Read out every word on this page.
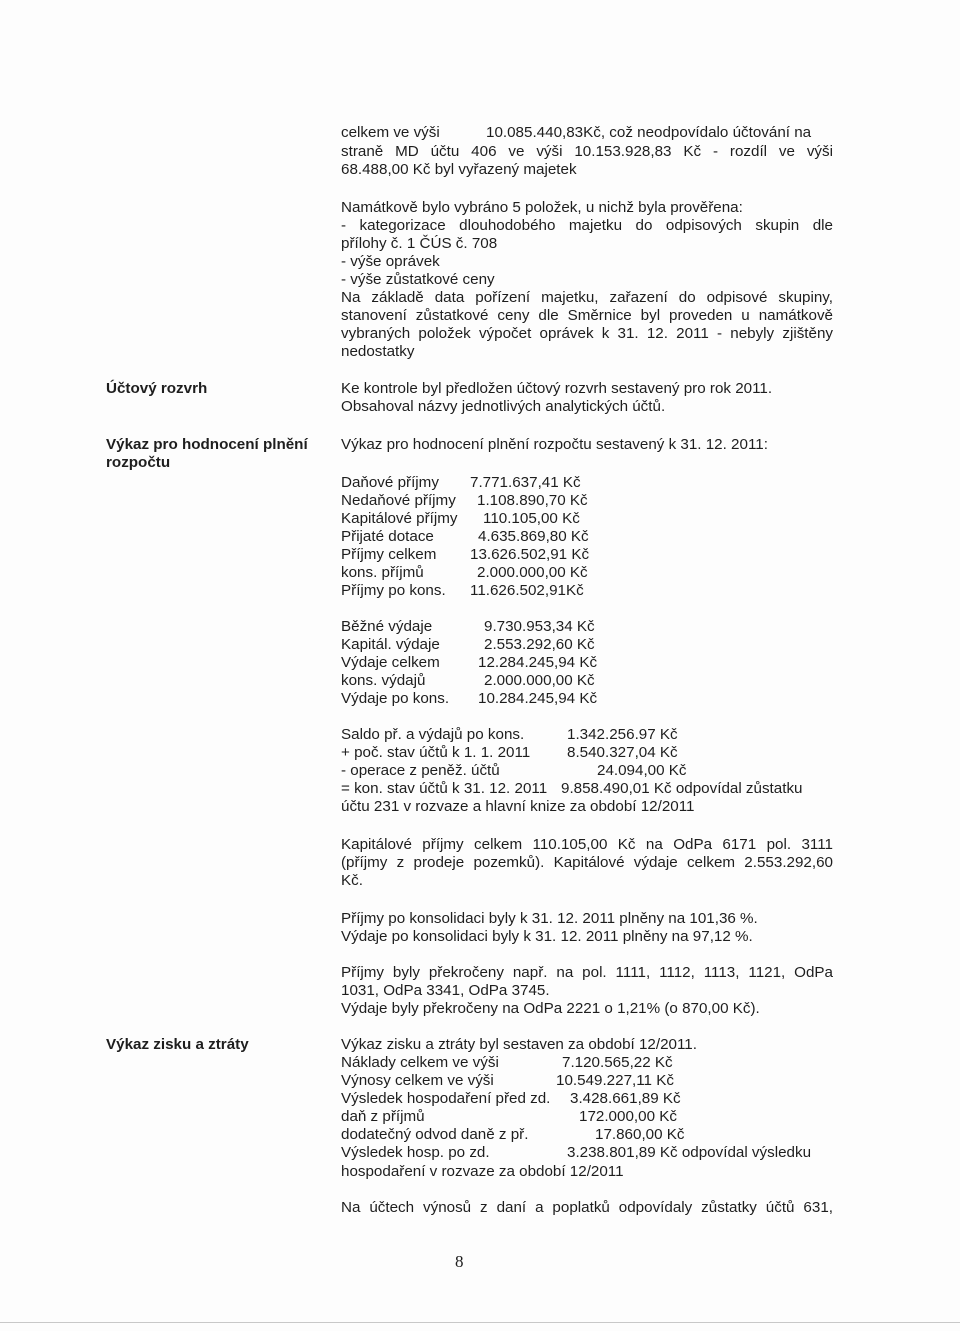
celkem ve výši	10.085.440,83Kč, což neodpovídalo účtování na
straně MD účtu 406 ve výši 10.153.928,83 Kč - rozdíl ve výši
68.488,00 Kč byl vyřazený majetek
Namátkově bylo vybráno 5 položek, u nichž byla prověřena:
- kategorizace dlouhodobého majetku do odpisových skupin dle
přílohy č. 1 ČÚS č. 708
- výše oprávek
- výše zůstatkové ceny
Na základě data pořízení majetku, zařazení do odpisové skupiny,
stanovení zůstatkové ceny dle Směrnice byl proveden u namátkově
vybraných položek výpočet oprávek k 31. 12. 2011 - nebyly zjištěny
nedostatky
Účtový rozvrh	Ke kontrole byl předložen účtový rozvrh sestavený pro rok 2011.
Obsahoval názvy jednotlivých analytických účtů.
Výkaz pro hodnocení plnění
rozpočtu
Výkaz pro hodnocení plnění rozpočtu sestavený k 31. 12. 2011:
Daňové příjmy 7.771.637,41 Kč
Nedaňové příjmy 1.108.890,70 Kč
Kapitálové příjmy 110.105,00 Kč
Přijaté dotace	4.635.869,80 Kč
Příjmy celkem 13.626.502,91 Kč
kons. příjmů	2.000.000,00 Kč
Příjmy po kons. 11.626.502,91Kč
Běžné výdaje	9.730.953,34 Kč
Kapitál. výdaje	2.553.292,60 Kč
Výdaje celkem	12.284.245,94 Kč
kons. výdajů	2.000.000,00 Kč
Výdaje po kons. 10.284.245,94 Kč
Saldo př. a výdajů po kons.	1.342.256.97 Kč
+ poč. stav účtů k 1. 1. 2011 8.540.327,04 Kč
- operace z peněž. účtů	24.094,00 Kč
= kon. stav účtů k 31. 12. 2011 9.858.490,01 Kč odpovídal zůstatku
účtu 231 v rozvaze a hlavní knize za období 12/2011
Kapitálové příjmy celkem 110.105,00 Kč na OdPa 6171 pol. 3111
(příjmy z prodeje pozemků). Kapitálové výdaje celkem 2.553.292,60
Kč.
Příjmy po konsolidaci byly k 31. 12. 2011 plněny na 101,36 %.
Výdaje po konsolidaci byly k 31. 12. 2011 plněny na 97,12 %.
Příjmy byly překročeny např. na pol. 1111, 1112, 1113, 1121, OdPa
1031, OdPa 3341, OdPa 3745.
Výdaje byly překročeny na OdPa 2221 o 1,21% (o 870,00 Kč).
Výkaz zisku a ztráty	Výkaz zisku a ztráty byl sestaven za období 12/2011.
Náklady celkem ve výši	7.120.565,22 Kč
Výnosy celkem ve výši	10.549.227,11 Kč
Výsledek hospodaření před zd. 3.428.661,89 Kč
daň z příjmů	172.000,00 Kč
dodatečný odvod daně z př.	17.860,00 Kč
Výsledek hosp. po zd.	3.238.801,89 Kč odpovídal výsledku
hospodaření v rozvaze za období 12/2011
Na účtech výnosů z daní a poplatků odpovídaly zůstatky účtů 631,
8
